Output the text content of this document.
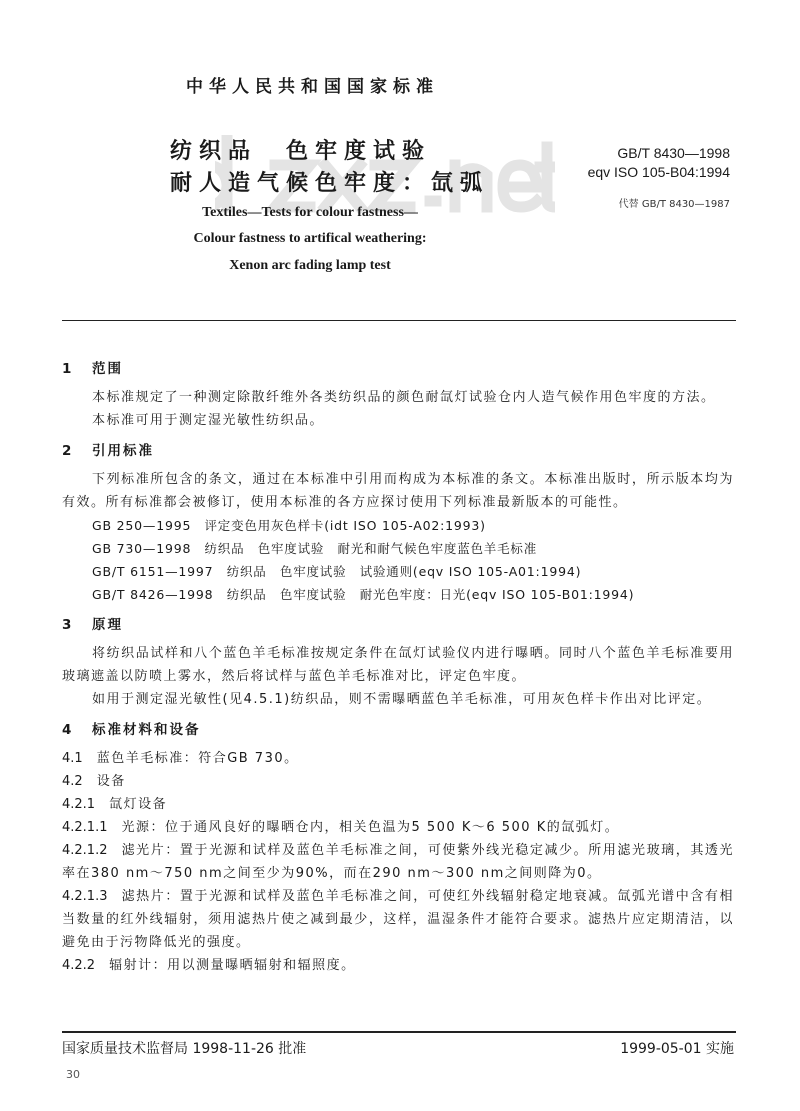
中华人民共和国国家标准
纺织品　色牢度试验
耐人造气候色牢度：氙弧
Textiles—Tests for colour fastness—
Colour fastness to artifical weathering:
Xenon arc fading lamp test
GB/T 8430—1998
eqv ISO 105-B04:1994
代替 GB/T 8430—1987
1 范围
本标准规定了一种测定除散纤维外各类纺织品的颜色耐氙灯试验仓内人造气候作用色牢度的方法。
本标准可用于测定湿光敏性纺织品。
2 引用标准
下列标准所包含的条文，通过在本标准中引用而构成为本标准的条文。本标准出版时，所示版本均为有效。所有标准都会被修订，使用本标准的各方应探讨使用下列标准最新版本的可能性。
GB 250—1995　评定变色用灰色样卡(idt ISO 105-A02:1993)
GB 730—1998　纺织品　色牢度试验　耐光和耐气候色牢度蓝色羊毛标准
GB/T 6151—1997　纺织品　色牢度试验　试验通则(eqv ISO 105-A01:1994)
GB/T 8426—1998　纺织品　色牢度试验　耐光色牢度：日光(eqv ISO 105-B01:1994)
3 原理
将纺织品试样和八个蓝色羊毛标准按规定条件在氙灯试验仪内进行曝晒。同时八个蓝色羊毛标准要用玻璃遮盖以防喷上雾水，然后将试样与蓝色羊毛标准对比，评定色牢度。
如用于测定湿光敏性(见4.5.1)纺织品，则不需曝晒蓝色羊毛标准，可用灰色样卡作出对比评定。
4 标准材料和设备
4.1 蓝色羊毛标准：符合GB 730。
4.2 设备
4.2.1 氙灯设备
4.2.1.1 光源：位于通风良好的曝晒仓内，相关色温为5 500 K～6 500 K的氙弧灯。
4.2.1.2 滤光片：置于光源和试样及蓝色羊毛标准之间，可使紫外线光稳定减少。所用滤光玻璃，其透光率在380 nm～750 nm之间至少为90%，而在290 nm～300 nm之间则降为0。
4.2.1.3 滤热片：置于光源和试样及蓝色羊毛标准之间，可使红外线辐射稳定地衰减。氙弧光谱中含有相当数量的红外线辐射，须用滤热片使之减到最少，这样，温湿条件才能符合要求。滤热片应定期清洁，以避免由于污物降低光的强度。
4.2.2 辐射计：用以测量曝晒辐射和辐照度。
国家质量技术监督局 1998-11-26 批准	1999-05-01 实施
30
